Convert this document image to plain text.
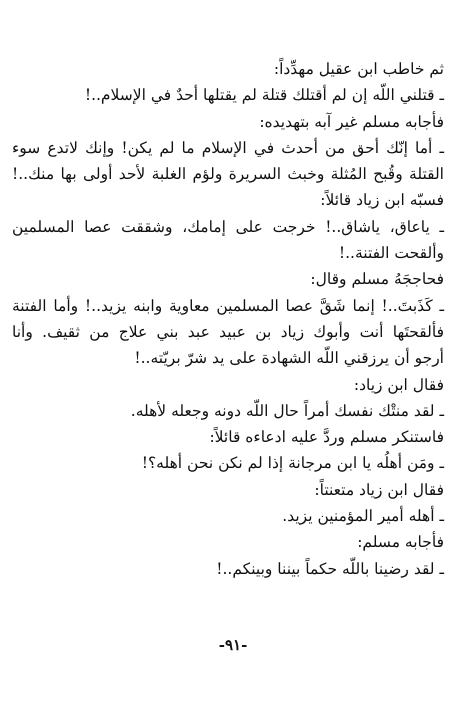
ثم خاطب ابن عقيل مهدِّداً:
ـ قتلني اللّه إن لم أقتلك قتلة لم يقتلها أحدٌ في الإسلام..!
فأجابه مسلم غير آبه بتهديده:
ـ أما إنّك أحق من أحدث في الإسلام ما لم يكن! وإنك لاتدع سوء
القتلة وقُبح المُثلة وخبث السريرة ولؤم الغلبة لأحد أولى بها منك..!
فسبّه ابن زياد قائلاً:
ـ ياعاق، ياشاق..! خرجت على إمامك، وشققت عصا المسلمين
وألقحت الفتنة..!
فحاججَهُ مسلم وقال:
ـ كَذَبتَ..! إنما شَقَّ عصا المسلمين معاوية وابنه يزيد..! وأما الفتنة
فألقحتَها أنت وأبوك زياد بن عبيد عبد بني علاج من ثقيف. وأنا
أرجو أن يرزقني اللّه الشهادة على يد شرّ بريّته..!
فقال ابن زياد:
ـ لقد منتْك نفسك أمراً حال اللّه دونه وجعله لأهله.
فاستنكر مسلم وردَّ عليه ادعاءه قائلاً:
ـ ومَن أهلُه يا ابن مرجانة إذا لم نكن نحن أهله؟!
فقال ابن زياد متعنتاً:
ـ أهله أمير المؤمنين يزيد.
فأجابه مسلم:
ـ لقد رضينا باللّه حكماً بيننا وبينكم..!
-٩١-
